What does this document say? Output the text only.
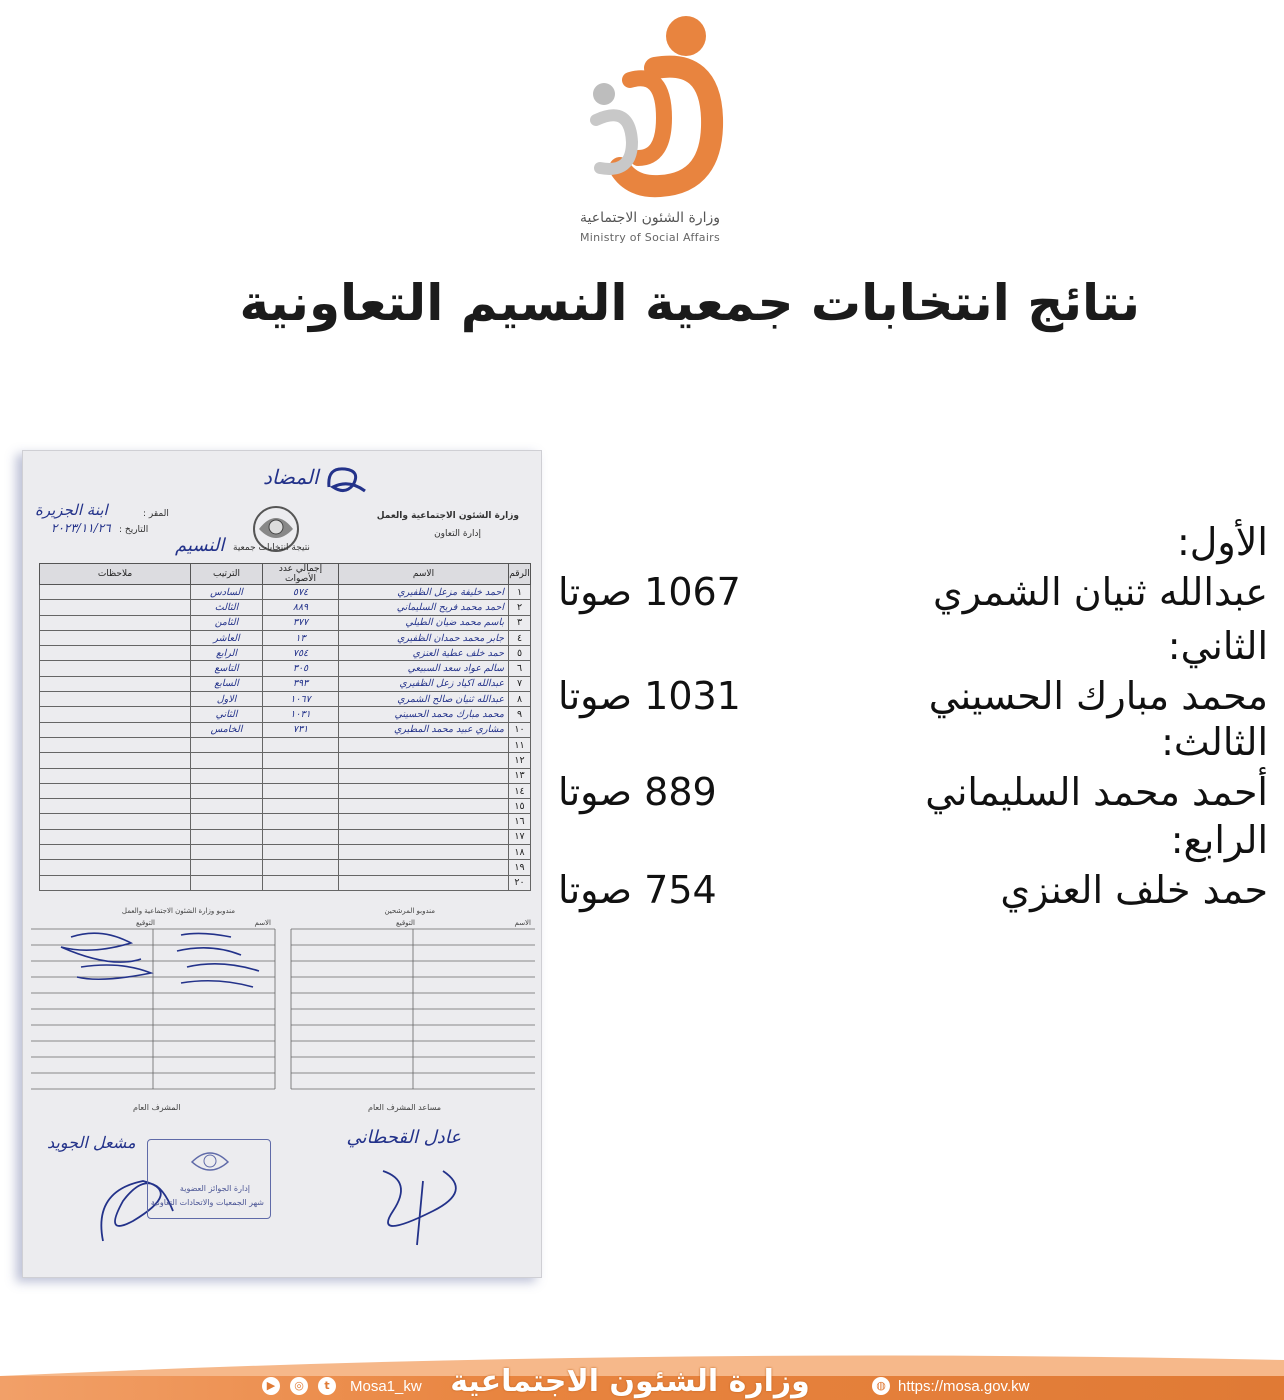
وزارة الشئون الاجتماعية
Ministry of Social Affairs
نتائج انتخابات جمعية النسيم التعاونية
المضاد
وزارة الشئون الاجتماعية والعمل
إدارة التعاون
المقر :
ابنة الجزيرة
التاريخ :
٢٠٢٣/١١/٢٦
نتيجة انتخابات جمعية
النسيم
الرقم	الاسم	إجمالي عدد الأصوات	الترتيب	ملاحظات
١	احمد خليفة مزعل الظفيري	٥٧٤	السادس	
٢	احمد محمد فريح السليماني	٨٨٩	الثالث	
٣	باسم محمد ضيان الطيلي	٣٧٧	الثامن	
٤	جابر محمد حمدان الظفيري	١٣	العاشر	
٥	حمد خلف عطية العنزي	٧٥٤	الرابع	
٦	سالم عواد سعد السبيعي	٣٠٥	التاسع	
٧	عبدالله اكياد زعل الظفيري	٣٩٣	السابع	
٨	عبدالله ثنيان صالح الشمري	١٠٦٧	الاول	
٩	محمد مبارك محمد الحسيني	١٠٣١	الثاني	
١٠	مشاري عبيد محمد المطيري	٧٣١	الخامس	
١١				
١٢				
١٣				
١٤				
١٥				
١٦				
١٧				
١٨				
١٩				
٢٠				
مندوبو المرشحين
الاسم
التوقيع
مندوبو وزارة الشئون الاجتماعية والعمل
الاسم
التوقيع
مساعد المشرف العام
المشرف العام
عادل القحطاني
مشعل الجويد
إدارة الجوائز العضوية
شهر الجمعيات والاتحادات التعاونية
الأول:
عبدالله ثنيان الشمري
1067 صوتا
الثاني:
محمد مبارك الحسيني
1031 صوتا
الثالث:
أحمد محمد السليماني
889 صوتا
الرابع:
حمد خلف العنزي
754 صوتا
▶	◎	t	Mosa1_kw وزارة الشئون الاجتماعية	◍ https://mosa.gov.kw
